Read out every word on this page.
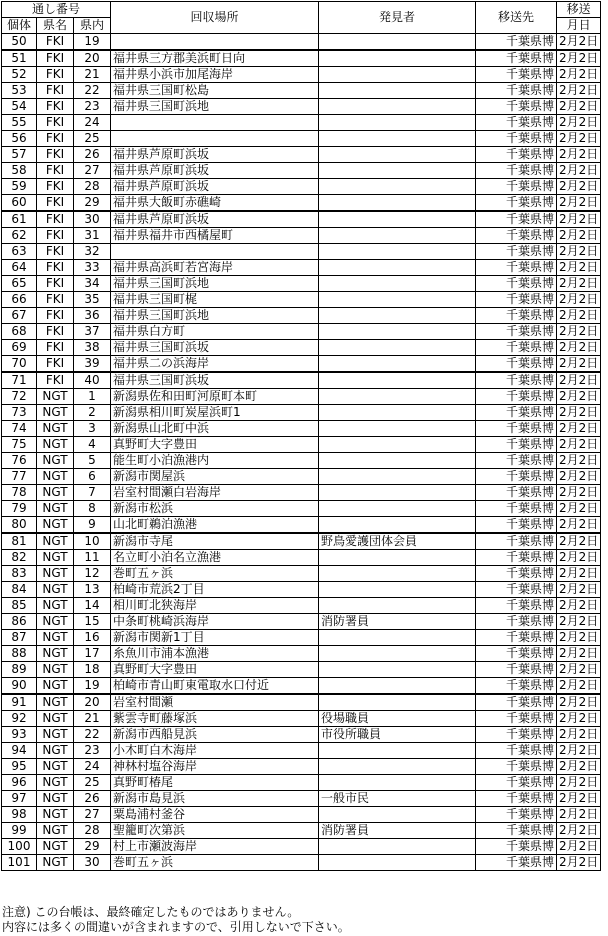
通し番号			回収場所	発見者	移送先	移送
個体	県名	県内				月日
50	FKI	19			千葉県博	2月2日
51	FKI	20	福井県三方郡美浜町日向		千葉県博	2月2日
52	FKI	21	福井県小浜市加尾海岸		千葉県博	2月2日
53	FKI	22	福井県三国町松島		千葉県博	2月2日
54	FKI	23	福井県三国町浜地		千葉県博	2月2日
55	FKI	24			千葉県博	2月2日
56	FKI	25			千葉県博	2月2日
57	FKI	26	福井県芦原町浜坂		千葉県博	2月2日
58	FKI	27	福井県芦原町浜坂		千葉県博	2月2日
59	FKI	28	福井県芦原町浜坂		千葉県博	2月2日
60	FKI	29	福井県大飯町赤礁崎		千葉県博	2月2日
61	FKI	30	福井県芦原町浜坂		千葉県博	2月2日
62	FKI	31	福井県福井市西橘屋町		千葉県博	2月2日
63	FKI	32			千葉県博	2月2日
64	FKI	33	福井県高浜町若宮海岸		千葉県博	2月2日
65	FKI	34	福井県三国町浜地		千葉県博	2月2日
66	FKI	35	福井県三国町梶		千葉県博	2月2日
67	FKI	36	福井県三国町浜地		千葉県博	2月2日
68	FKI	37	福井県白方町		千葉県博	2月2日
69	FKI	38	福井県三国町浜坂		千葉県博	2月2日
70	FKI	39	福井県二の浜海岸		千葉県博	2月2日
71	FKI	40	福井県三国町浜坂		千葉県博	2月2日
72	NGT	1	新潟県佐和田町河原町本町		千葉県博	2月2日
73	NGT	2	新潟県相川町炭屋浜町1		千葉県博	2月2日
74	NGT	3	新潟県山北町中浜		千葉県博	2月2日
75	NGT	4	真野町大字豊田		千葉県博	2月2日
76	NGT	5	能生町小泊漁港内		千葉県博	2月2日
77	NGT	6	新潟市関屋浜		千葉県博	2月2日
78	NGT	7	岩室村間瀬白岩海岸		千葉県博	2月2日
79	NGT	8	新潟市松浜		千葉県博	2月2日
80	NGT	9	山北町鵜泊漁港		千葉県博	2月2日
81	NGT	10	新潟市寺尾	野鳥愛護団体会員	千葉県博	2月2日
82	NGT	11	名立町小泊名立漁港		千葉県博	2月2日
83	NGT	12	巻町五ヶ浜		千葉県博	2月2日
84	NGT	13	柏崎市荒浜2丁目		千葉県博	2月2日
85	NGT	14	相川町北狭海岸		千葉県博	2月2日
86	NGT	15	中条町桃崎浜海岸	消防署員	千葉県博	2月2日
87	NGT	16	新潟市関新1丁目		千葉県博	2月2日
88	NGT	17	糸魚川市浦本漁港		千葉県博	2月2日
89	NGT	18	真野町大字豊田		千葉県博	2月2日
90	NGT	19	柏崎市青山町東電取水口付近		千葉県博	2月2日
91	NGT	20	岩室村間瀬		千葉県博	2月2日
92	NGT	21	紫雲寺町藤塚浜	役場職員	千葉県博	2月2日
93	NGT	22	新潟市西船見浜	市役所職員	千葉県博	2月2日
94	NGT	23	小木町白木海岸		千葉県博	2月2日
95	NGT	24	神林村塩谷海岸		千葉県博	2月2日
96	NGT	25	真野町椿尾		千葉県博	2月2日
97	NGT	26	新潟市島見浜	一般市民	千葉県博	2月2日
98	NGT	27	粟島浦村釜谷		千葉県博	2月2日
99	NGT	28	聖籠町次第浜	消防署員	千葉県博	2月2日
100	NGT	29	村上市瀬波海岸		千葉県博	2月2日
101	NGT	30	巻町五ヶ浜		千葉県博	2月2日
注意) この台帳は、最終確定したものではありません。
内容には多くの間違いが含まれますので、引用しないで下さい。
